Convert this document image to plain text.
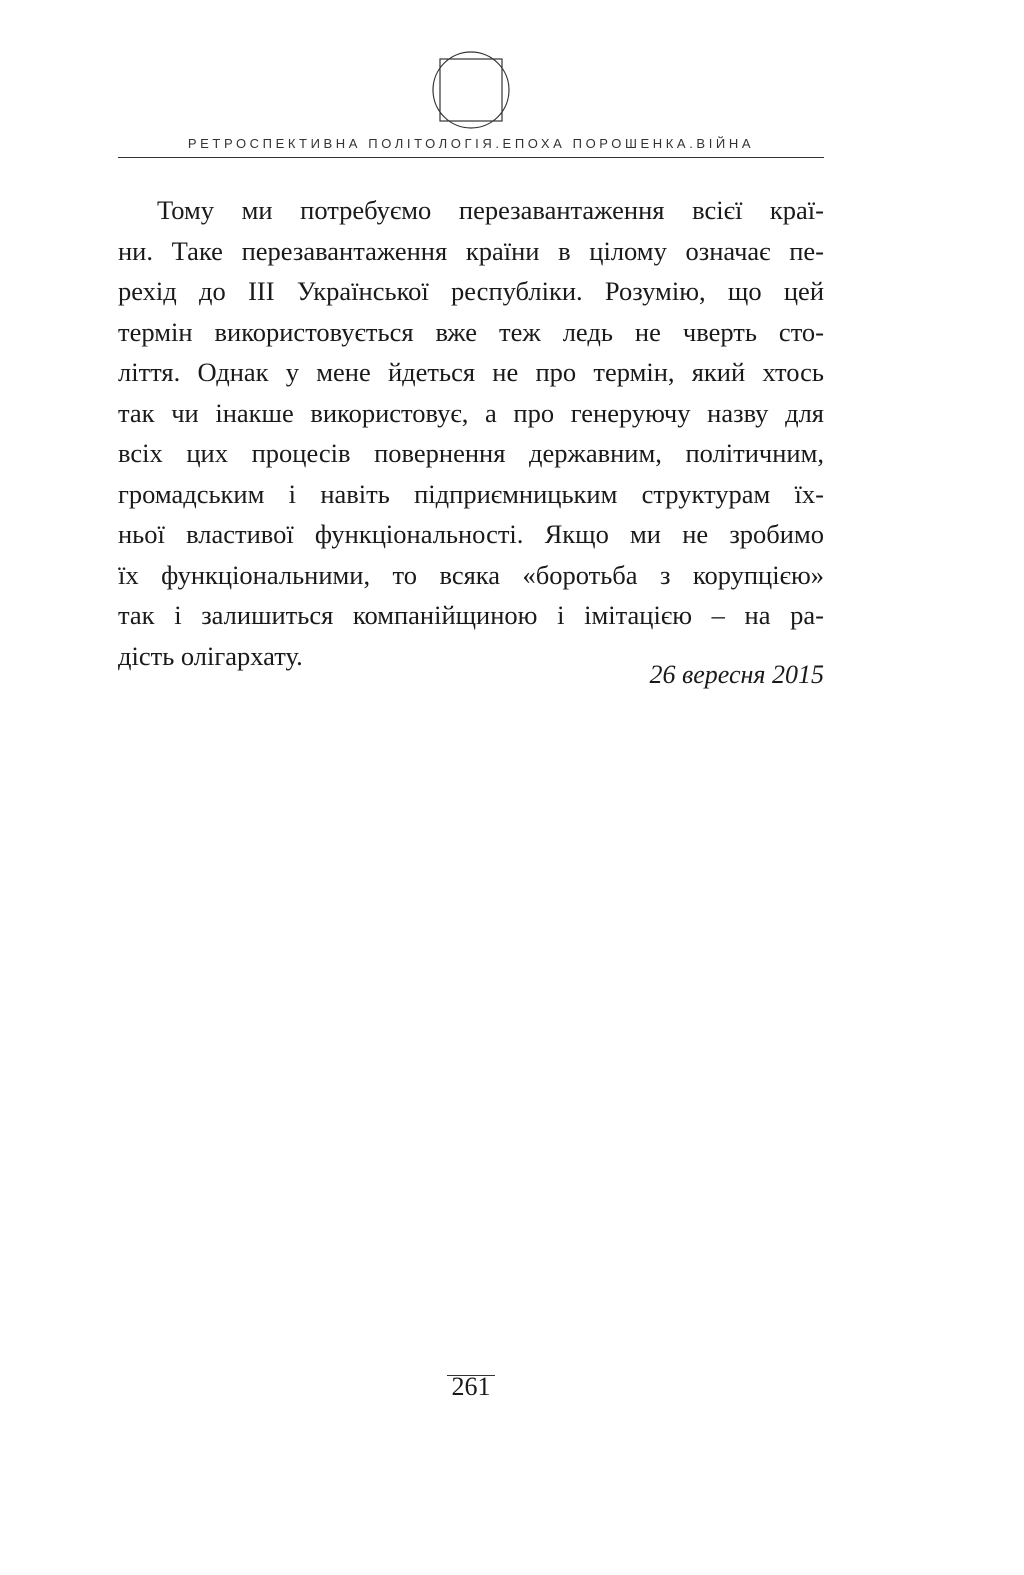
РЕТРОСПЕКТИВНА ПОЛІТОЛОГІЯ.ЕПОХА ПОРОШЕНКА.ВІЙНА
Тому ми потребуємо перезавантаження всієї краї-
ни. Таке перезавантаження країни в цілому означає пе-
рехід до ІІІ Української республіки. Розумію, що цей
термін використовується вже теж ледь не чверть сто-
ліття. Однак у мене йдеться не про термін, який хтось
так чи інакше використовує, а про генеруючу назву для
всіх цих процесів повернення державним, політичним,
громадським і навіть підприємницьким структурам їх-
ньої властивої функціональності. Якщо ми не зробимо
їх функціональними, то всяка «боротьба з корупцією»
так і залишиться компанійщиною і імітацією – на ра-
дість олігархату.
26 вересня 2015
261
